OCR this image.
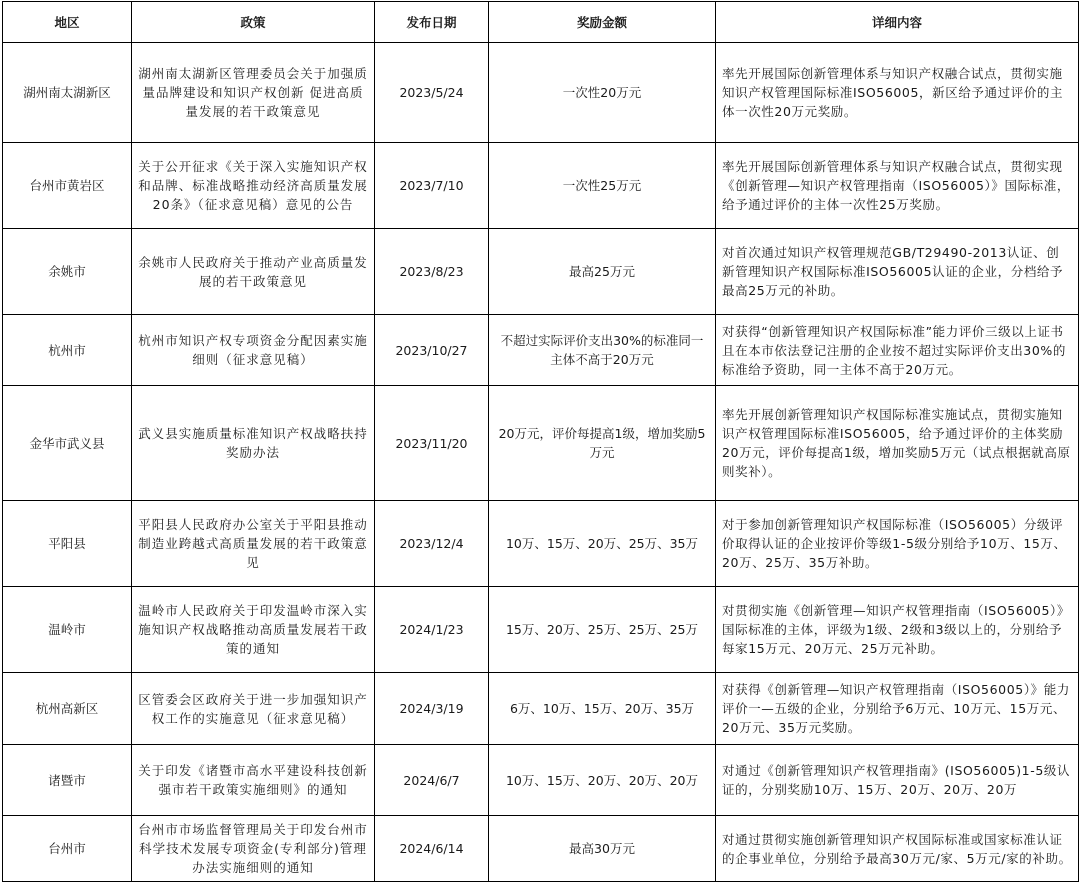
地区	政策	发布日期	奖励金额	详细内容
湖州南太湖新区	湖州南太湖新区管理委员会关于加强质量品牌建设和知识产权创新 促进高质量发展的若干政策意见	2023/5/24	一次性20万元	率先开展国际创新管理体系与知识产权融合试点，贯彻实施知识产权管理国际标准ISO56005，新区给予通过评价的主体一次性20万元奖励。
台州市黄岩区	关于公开征求《关于深入实施知识产权和品牌、标准战略推动经济高质量发展20条》（征求意见稿）意见的公告	2023/7/10	一次性25万元	率先开展国际创新管理体系与知识产权融合试点，贯彻实现《创新管理—知识产权管理指南（ISO56005）》国际标准，给予通过评价的主体一次性25万奖励。
余姚市	余姚市人民政府关于推动产业高质量发展的若干政策意见	2023/8/23	最高25万元	对首次通过知识产权管理规范GB/T29490-2013认证、创新管理知识产权国际标准ISO56005认证的企业，分档给予最高25万元的补助。
杭州市	杭州市知识产权专项资金分配因素实施细则（征求意见稿）	2023/10/27	不超过实际评价支出30%的标准同一主体不高于20万元	对获得“创新管理知识产权国际标准”能力评价三级以上证书且在本市依法登记注册的企业按不超过实际评价支出30%的标准给予资助，同一主体不高于20万元。
金华市武义县	武义县实施质量标准知识产权战略扶持奖励办法	2023/11/20	20万元，评价每提高1级，增加奖励5万元	率先开展创新管理知识产权国际标准实施试点，贯彻实施知识产权管理国际标准ISO56005，给予通过评价的主体奖励20万元，评价每提高1级，增加奖励5万元（试点根据就高原则奖补）。
平阳县	平阳县人民政府办公室关于平阳县推动制造业跨越式高质量发展的若干政策意见	2023/12/4	10万、15万、20万、25万、35万	对于参加创新管理知识产权国际标准（ISO56005）分级评价取得认证的企业按评价等级1-5级分别给予10万、15万、20万、25万、35万补助。
温岭市	温岭市人民政府关于印发温岭市深入实施知识产权战略推动高质量发展若干政策的通知	2024/1/23	15万、20万、25万、25万、25万	对贯彻实施《创新管理—知识产权管理指南（ISO56005）》国际标准的主体，评级为1级、2级和3级以上的，分别给予每家15万元、20万元、25万元补助。
杭州高新区	区管委会区政府关于进一步加强知识产权工作的实施意见（征求意见稿）	2024/3/19	6万、10万、15万、20万、35万	对获得《创新管理—知识产权管理指南（ISO56005）》能力评价一—五级的企业，分别给予6万元、10万元、15万元、20万元、35万元奖励。
诸暨市	关于印发《诸暨市高水平建设科技创新强市若干政策实施细则》的通知	2024/6/7	10万、15万、20万、20万、20万	对通过《创新管理知识产权管理指南》(ISO56005)1-5级认证的，分别奖励10万、15万、20万、20万、20万
台州市	台州市市场监督管理局关于印发台州市科学技术发展专项资金(专利部分)管理办法实施细则的通知	2024/6/14	最高30万元	对通过贯彻实施创新管理知识产权国际标准或国家标准认证的企事业单位，分别给予最高30万元/家、5万元/家的补助。
